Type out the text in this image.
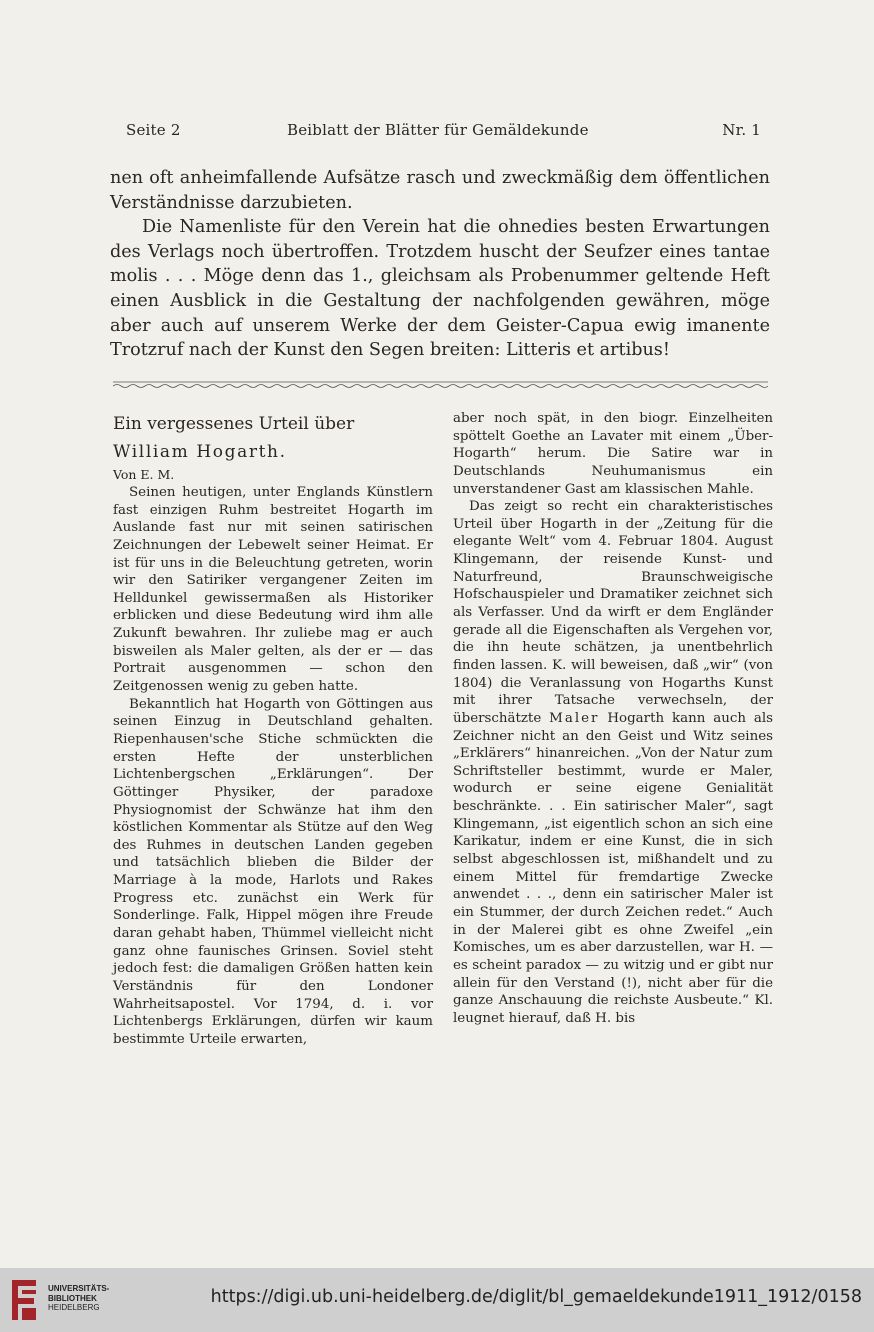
Seite 2	Beiblatt der Blätter für Gemäldekunde	Nr. 1

nen oft anheimfallende Aufsätze rasch und zweckmäßig dem öffentlichen Verständnisse darzubieten.

Die Namenliste für den Verein hat die ohnedies besten Erwartungen des Verlags noch übertroffen. Trotzdem huscht der Seufzer eines tantae molis . . . Möge denn das 1., gleichsam als Probenummer geltende Heft einen Ausblick in die Gestaltung der nachfolgenden gewähren, möge aber auch auf unserem Werke der dem Geister-Capua ewig imanente Trotzruf nach der Kunst den Segen breiten: Litteris et artibus!

Ein vergessenes Urteil über

William Hogarth.

Von E. M.

Seinen heutigen, unter Englands Künstlern fast einzigen Ruhm bestreitet Hogarth im Auslande fast nur mit seinen satirischen Zeichnungen der Lebewelt seiner Heimat. Er ist für uns in die Beleuchtung getreten, worin wir den Satiriker vergangener Zeiten im Helldunkel gewissermaßen als Historiker erblicken und diese Bedeutung wird ihm alle Zukunft bewahren. Ihr zuliebe mag er auch bisweilen als Maler gelten, als der er — das Portrait ausgenommen — schon den Zeitgenossen wenig zu geben hatte.

Bekanntlich hat Hogarth von Göttingen aus seinen Einzug in Deutschland gehalten. Riepenhausen'sche Stiche schmückten die ersten Hefte der unsterblichen Lichtenbergschen „Erklärungen“. Der Göttinger Physiker, der paradoxe Physiognomist der Schwänze hat ihm den köstlichen Kommentar als Stütze auf den Weg des Ruhmes in deutschen Landen gegeben und tatsächlich blieben die Bilder der Marriage à la mode, Harlots und Rakes Progress etc. zunächst ein Werk für Sonderlinge. Falk, Hippel mögen ihre Freude daran gehabt haben, Thümmel vielleicht nicht ganz ohne faunisches Grinsen. Soviel steht jedoch fest: die damaligen Größen hatten kein Verständnis für den Londoner Wahrheitsapostel. Vor 1794, d. i. vor Lichtenbergs Erklärungen, dürfen wir kaum bestimmte Urteile erwarten,

aber noch spät, in den biogr. Einzelheiten spöttelt Goethe an Lavater mit einem „Über-Hogarth“ herum. Die Satire war in Deutschlands Neuhumanismus ein unverstandener Gast am klassischen Mahle.

Das zeigt so recht ein charakteristisches Urteil über Hogarth in der „Zeitung für die elegante Welt“ vom 4. Februar 1804. August Klingemann, der reisende Kunst- und Naturfreund, Braunschweigische Hofschauspieler und Dramatiker zeichnet sich als Verfasser. Und da wirft er dem Engländer gerade all die Eigenschaften als Vergehen vor, die ihn heute schätzen, ja unentbehrlich finden lassen. K. will beweisen, daß „wir“ (von 1804) die Veranlassung von Hogarths Kunst mit ihrer Tatsache verwechseln, der überschätzte Maler Hogarth kann auch als Zeichner nicht an den Geist und Witz seines „Erklärers“ hinanreichen. „Von der Natur zum Schriftsteller bestimmt, wurde er Maler, wodurch er seine eigene Genialität beschränkte. . . Ein satirischer Maler“, sagt Klingemann, „ist eigentlich schon an sich eine Karikatur, indem er eine Kunst, die in sich selbst abgeschlossen ist, mißhandelt und zu einem Mittel für fremdartige Zwecke anwendet . . ., denn ein satirischer Maler ist ein Stummer, der durch Zeichen redet.“ Auch in der Malerei gibt es ohne Zweifel „ein Komisches, um es aber darzustellen, war H. — es scheint paradox — zu witzig und er gibt nur allein für den Verstand (!), nicht aber für die ganze Anschauung die reichste Ausbeute.“ Kl. leugnet hierauf, daß H. bis

UNIVERSITÄTS-
BIBLIOTHEK
HEIDELBERG
https://digi.ub.uni-heidelberg.de/diglit/bl_gemaeldekunde1911_1912/0158
